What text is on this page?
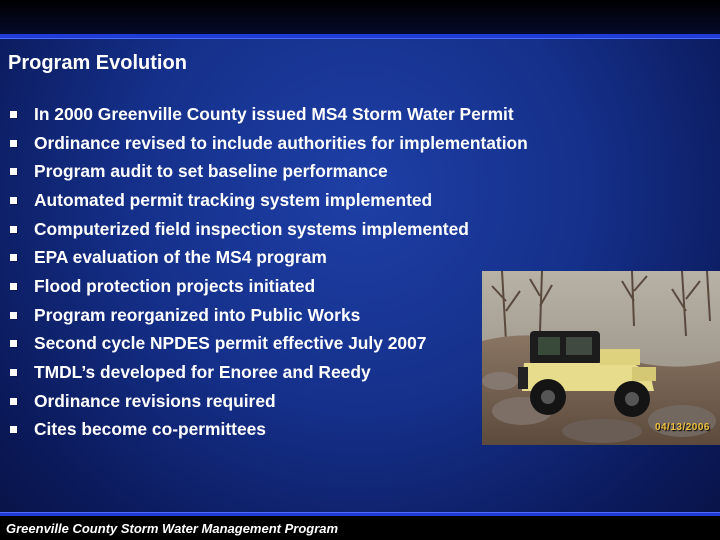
Program Evolution
In 2000 Greenville County issued MS4 Storm Water Permit
Ordinance revised to include authorities for implementation
Program audit to set baseline performance
Automated permit tracking system implemented
Computerized field inspection systems implemented
EPA evaluation of the MS4 program
Flood protection projects initiated
Program reorganized into Public Works
Second cycle NPDES permit effective July 2007
TMDL’s developed for Enoree and Reedy
Ordinance revisions required
Cites become co-permittees	04/13/2006
Greenville County Storm Water Management Program
